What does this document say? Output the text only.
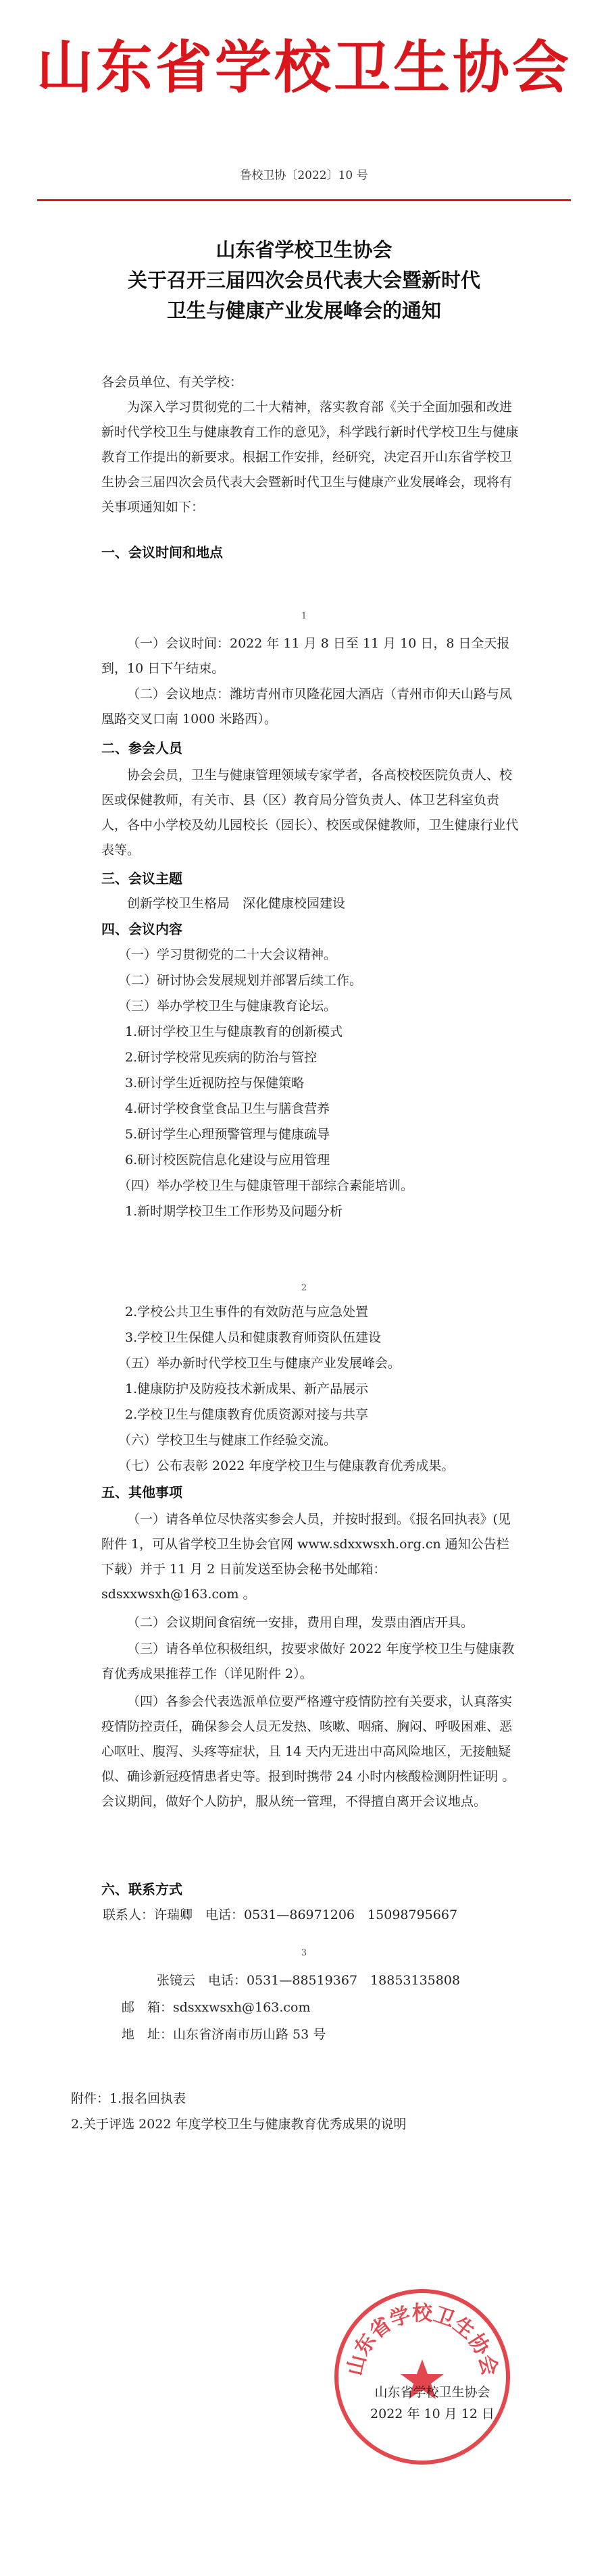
山东省学校卫生协会
鲁校卫协〔2022〕10 号
山东省学校卫生协会
关于召开三届四次会员代表大会暨新时代
卫生与健康产业发展峰会的通知
各会员单位、有关学校：
为深入学习贯彻党的二十大精神，落实教育部《关于全面加强和改进新时代学校卫生与健康教育工作的意见》，科学践行新时代学校卫生与健康教育工作提出的新要求。根据工作安排，经研究，决定召开山东省学校卫生协会三届四次会员代表大会暨新时代卫生与健康产业发展峰会，现将有关事项通知如下：
一、会议时间和地点
1
（一）会议时间：2022 年 11 月 8 日至 11 月 10 日，8 日全天报到，10 日下午结束。
（二）会议地点：潍坊青州市贝隆花园大酒店（青州市仰天山路与凤凰路交叉口南 1000 米路西）。
二、参会人员
协会会员，卫生与健康管理领域专家学者，各高校校医院负责人、校医或保健教师，有关市、县（区）教育局分管负责人、体卫艺科室负责人，各中小学校及幼儿园校长（园长）、校医或保健教师，卫生健康行业代表等。
三、会议主题
创新学校卫生格局　深化健康校园建设
四、会议内容
（一）学习贯彻党的二十大会议精神。
（二）研讨协会发展规划并部署后续工作。
（三）举办学校卫生与健康教育论坛。
1.研讨学校卫生与健康教育的创新模式
2.研讨学校常见疾病的防治与管控
3.研讨学生近视防控与保健策略
4.研讨学校食堂食品卫生与膳食营养
5.研讨学生心理预警管理与健康疏导
6.研讨校医院信息化建设与应用管理
（四）举办学校卫生与健康管理干部综合素能培训。
1.新时期学校卫生工作形势及问题分析
2
2.学校公共卫生事件的有效防范与应急处置
3.学校卫生保健人员和健康教育师资队伍建设
（五）举办新时代学校卫生与健康产业发展峰会。
1.健康防护及防疫技术新成果、新产品展示
2.学校卫生与健康教育优质资源对接与共享
（六）学校卫生与健康工作经验交流。
（七）公布表彰 2022 年度学校卫生与健康教育优秀成果。
五、其他事项
（一）请各单位尽快落实参会人员，并按时报到。《报名回执表》(见附件 1，可从省学校卫生协会官网 www.sdxxwsxh.org.cn 通知公告栏下载）并于 11 月 2 日前发送至协会秘书处邮箱：sdsxxwsxh@163.com 。
（二）会议期间食宿统一安排，费用自理，发票由酒店开具。
（三）请各单位积极组织，按要求做好 2022 年度学校卫生与健康教育优秀成果推荐工作（详见附件 2）。
（四）各参会代表选派单位要严格遵守疫情防控有关要求，认真落实疫情防控责任，确保参会人员无发热、咳嗽、咽痛、胸闷、呼吸困难、恶心呕吐、腹泻、头疼等症状，且 14 天内无进出中高风险地区，无接触疑似、确诊新冠疫情患者史等。报到时携带 24 小时内核酸检测阴性证明 。会议期间，做好个人防护，服从统一管理，不得擅自离开会议地点。
六、联系方式
联系人：许瑞卿　电话：0531—86971206　15098795667
3
张镜云　电话：0531—88519367　18853135808
邮　箱：sdsxxwsxh@163.com
地　址：山东省济南市历山路 53 号
附件：1.报名回执表
2.关于评选 2022 年度学校卫生与健康教育优秀成果的说明
山东省学校卫生协会
山东省学校卫生协会
2022 年 10 月 12 日
